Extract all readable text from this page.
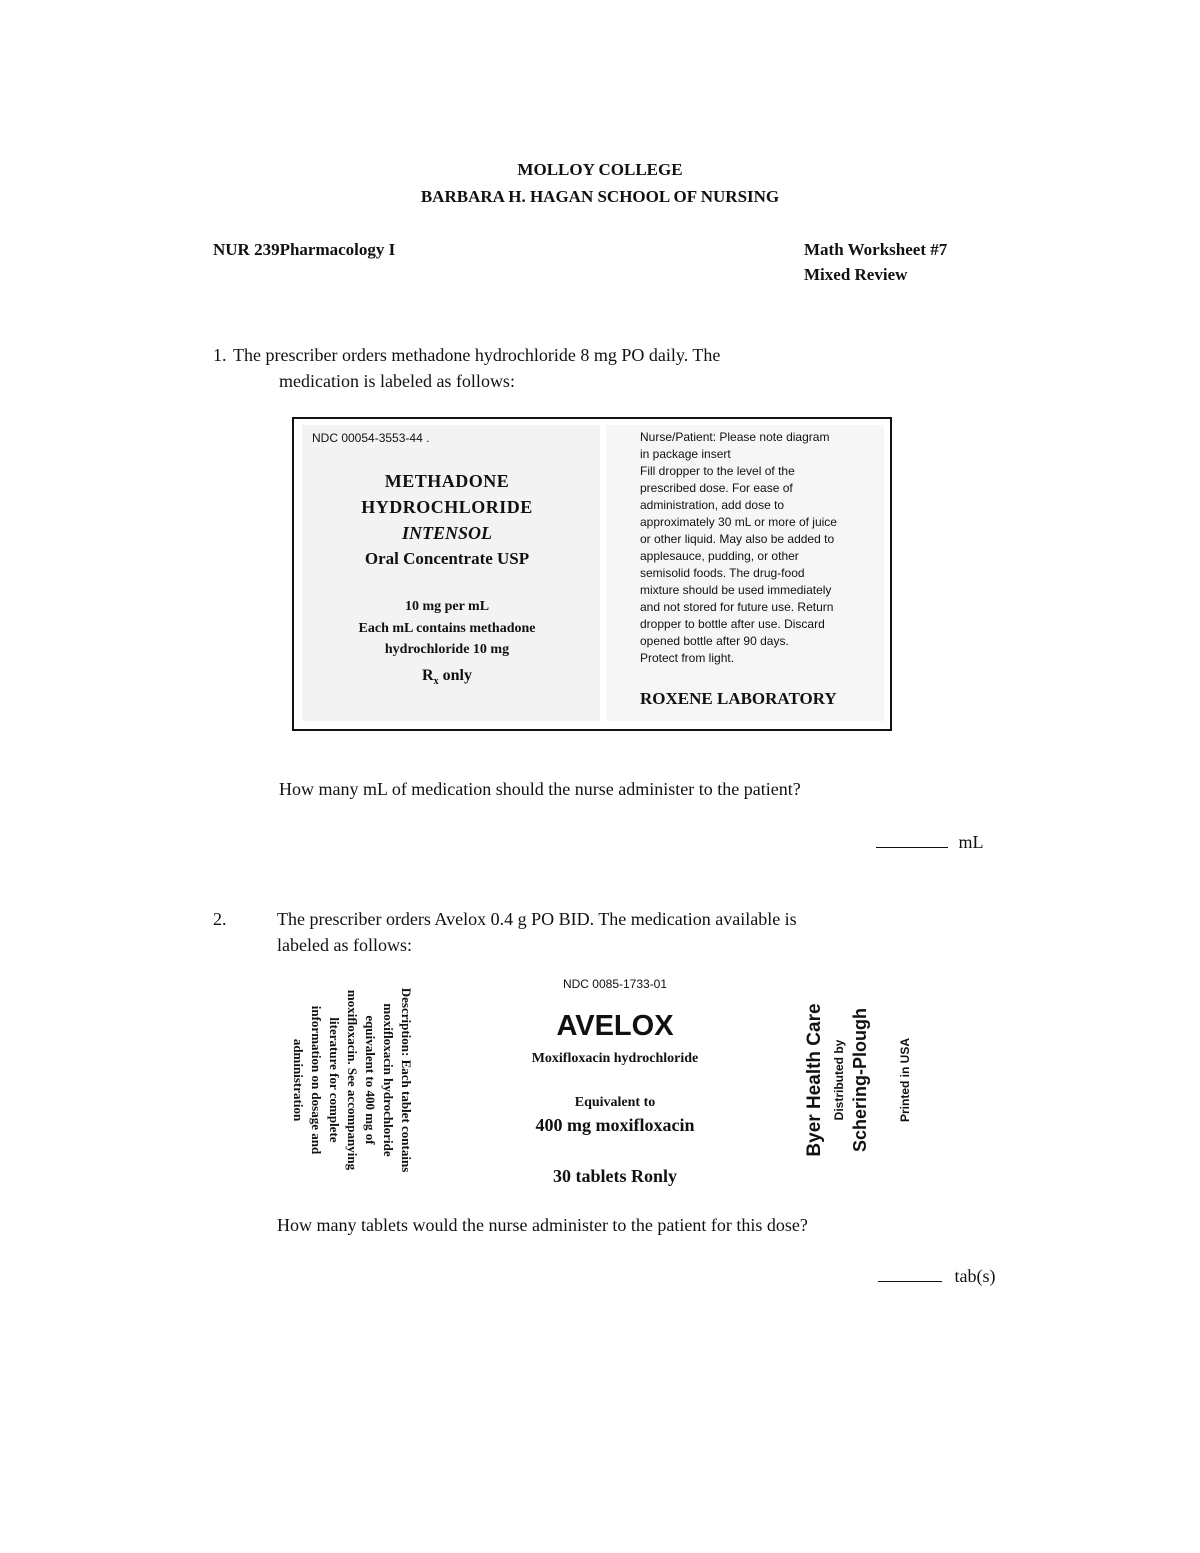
MOLLOY COLLEGE
BARBARA H. HAGAN SCHOOL OF NURSING
NUR 239Pharmacology I	Math Worksheet #7
Mixed Review
1. The prescriber orders methadone hydrochloride 8 mg PO daily. The
medication is labeled as follows:
NDC 00054-3553-44 .
METHADONE
HYDROCHLORIDE
INTENSOL
Oral Concentrate USP
10 mg per mL
Each mL contains methadone
hydrochloride 10 mg
$R_x$ only
Nurse/Patient: Please note diagram
in package insert
Fill dropper to the level of the
prescribed dose. For ease of
administration, add dose to
approximately 30 mL or more of juice
or other liquid. May also be added to
applesauce, pudding, or other
semisolid foods. The drug-food
mixture should be used immediately
and not stored for future use. Return
dropper to bottle after use. Discard
opened bottle after 90 days.
Protect from light.
ROXENE LABORATORY
How many mL of medication should the nurse administer to the patient?
mL
2.	The prescriber orders Avelox 0.4 g PO BID. The medication available is
labeled as follows:
Description: Each tablet contains
moxifloxacin hydrochloride
equivalent to 400 mg of
moxifloxacin. See accompanying
literature for complete
information on dosage and
administration
NDC 0085-1733-01
AVELOX
Moxifloxacin hydrochloride
Equivalent to
400 mg moxifloxacin
30 tablets Ronly
Byer Health Care Distributed by Schering-Plough Printed in USA
How many tablets would the nurse administer to the patient for this dose?
tab(s)
